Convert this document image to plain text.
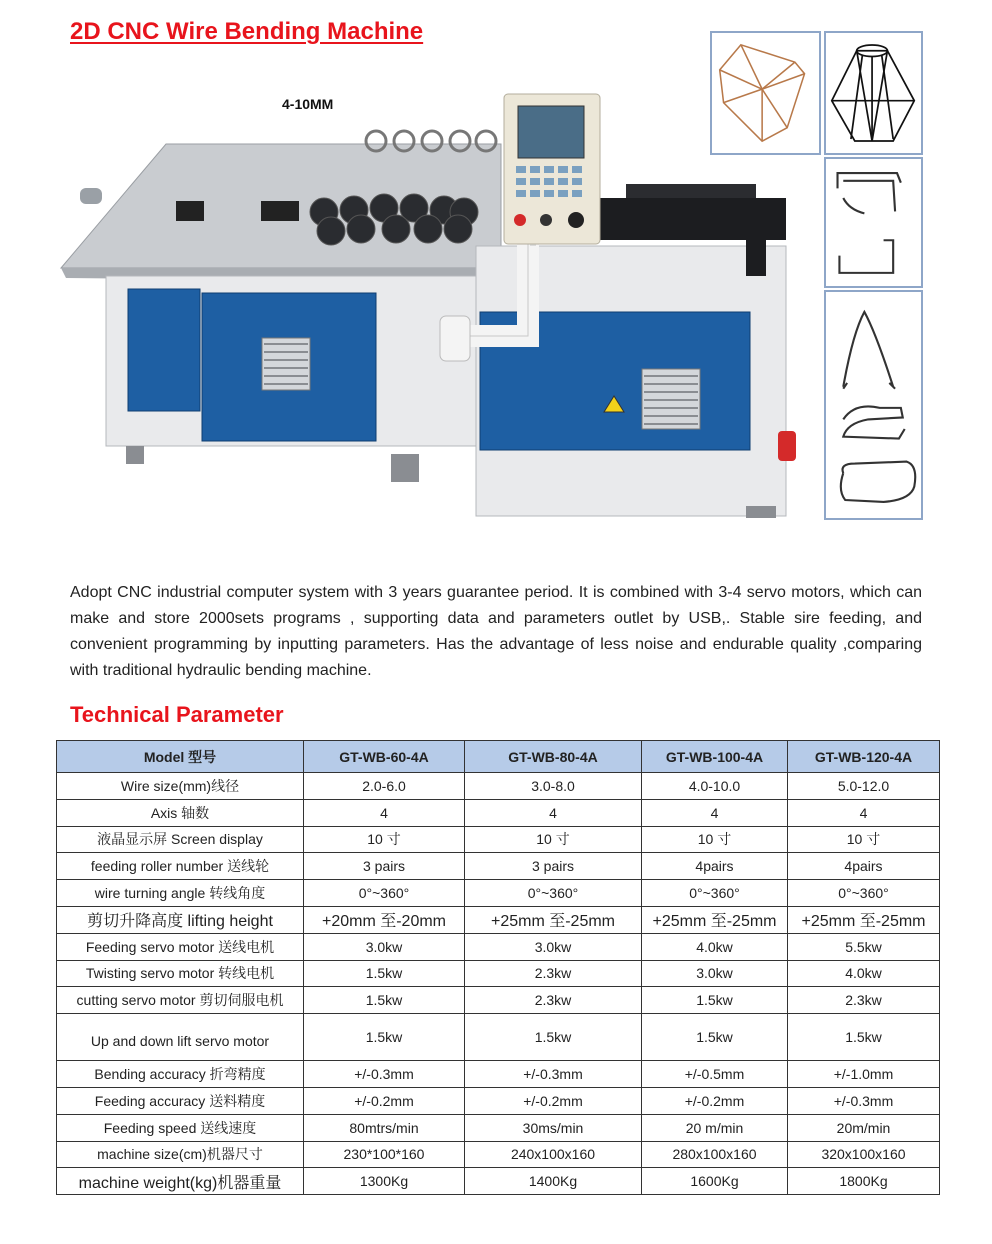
2D CNC Wire Bending Machine
4-10MM
Adopt CNC industrial computer system with 3 years guarantee period. It is combined with 3-4 servo motors, which can make and store 2000sets programs , supporting data and parameters outlet by USB,. Stable sire feeding, and convenient programming by inputting parameters. Has the advantage of less noise and endurable quality ,comparing with traditional hydraulic bending machine.
Technical Parameter
Model 型号	GT-WB-60-4A	GT-WB-80-4A	GT-WB-100-4A	GT-WB-120-4A
Wire size(mm)线径	2.0-6.0	3.0-8.0	4.0-10.0	5.0-12.0
Axis 轴数	4	4	4	4
液晶显示屏 Screen display	10 寸	10 寸	10 寸	10 寸
feeding roller number 送线轮	3 pairs	3 pairs	4pairs	4pairs
wire turning angle 转线角度	0°~360°	0°~360°	0°~360°	0°~360°
剪切升降高度 lifting height	+20mm 至-20mm	+25mm 至-25mm	+25mm 至-25mm	+25mm 至-25mm
Feeding servo motor 送线电机	3.0kw	3.0kw	4.0kw	5.5kw
Twisting servo motor 转线电机	1.5kw	2.3kw	3.0kw	4.0kw
cutting servo motor 剪切伺服电机	1.5kw	2.3kw	1.5kw	2.3kw
Up and down lift servo motor	1.5kw	1.5kw	1.5kw	1.5kw
Bending accuracy 折弯精度	+/-0.3mm	+/-0.3mm	+/-0.5mm	+/-1.0mm
Feeding accuracy 送料精度	+/-0.2mm	+/-0.2mm	+/-0.2mm	+/-0.3mm
Feeding speed 送线速度	80mtrs/min	30ms/min	20 m/min	20m/min
machine size(cm)机器尺寸	230*100*160	240x100x160	280x100x160	320x100x160
machine weight(kg)机器重量	1300Kg	1400Kg	1600Kg	1800Kg
